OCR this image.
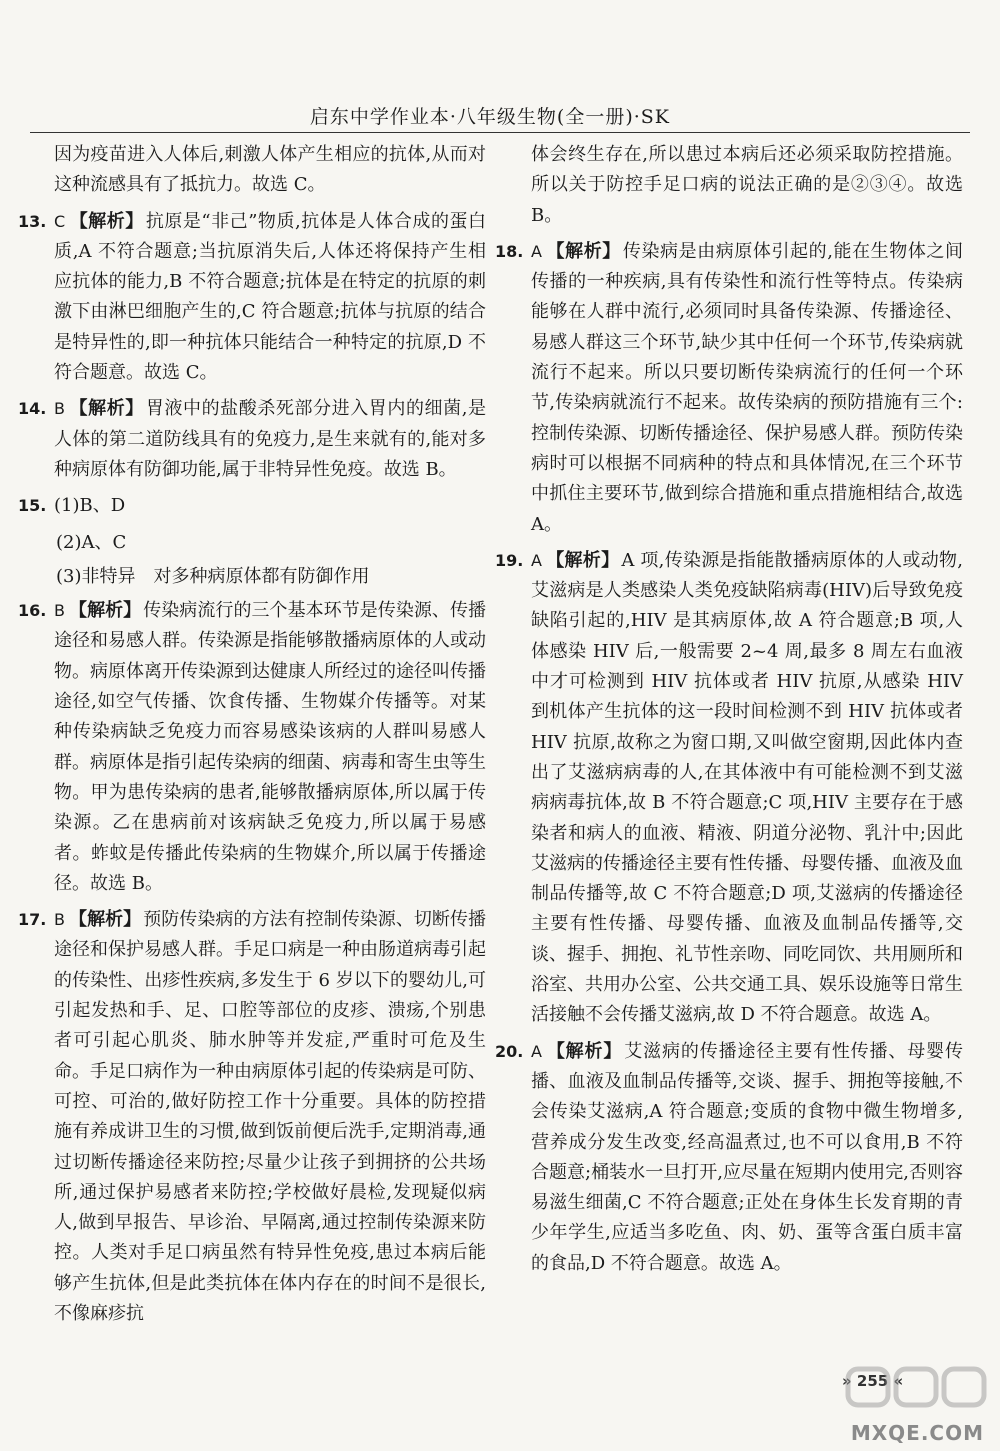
启东中学作业本·八年级生物(全一册)·SK
因为疫苗进入人体后,刺激人体产生相应的抗体,从而对这种流感具有了抵抗力。故选 C。
13. C 【解析】 抗原是“非己”物质,抗体是人体合成的蛋白质,A 不符合题意;当抗原消失后,人体还将保持产生相应抗体的能力,B 不符合题意;抗体是在特定的抗原的刺激下由淋巴细胞产生的,C 符合题意;抗体与抗原的结合是特异性的,即一种抗体只能结合一种特定的抗原,D 不符合题意。故选 C。
14. B 【解析】 胃液中的盐酸杀死部分进入胃内的细菌,是人体的第二道防线具有的免疫力,是生来就有的,能对多种病原体有防御功能,属于非特异性免疫。故选 B。
15. (1)B、D
(2)A、C
(3)非特异　对多种病原体都有防御作用
16. B 【解析】 传染病流行的三个基本环节是传染源、传播途径和易感人群。传染源是指能够散播病原体的人或动物。病原体离开传染源到达健康人所经过的途径叫传播途径,如空气传播、饮食传播、生物媒介传播等。对某种传染病缺乏免疫力而容易感染该病的人群叫易感人群。病原体是指引起传染病的细菌、病毒和寄生虫等生物。甲为患传染病的患者,能够散播病原体,所以属于传染源。乙在患病前对该病缺乏免疫力,所以属于易感者。蚱蚊是传播此传染病的生物媒介,所以属于传播途径。故选 B。
17. B 【解析】 预防传染病的方法有控制传染源、切断传播途径和保护易感人群。手足口病是一种由肠道病毒引起的传染性、出疹性疾病,多发生于 6 岁以下的婴幼儿,可引起发热和手、足、口腔等部位的皮疹、溃疡,个别患者可引起心肌炎、肺水肿等并发症,严重时可危及生命。手足口病作为一种由病原体引起的传染病是可防、可控、可治的,做好防控工作十分重要。具体的防控措施有养成讲卫生的习惯,做到饭前便后洗手,定期消毒,通过切断传播途径来防控;尽量少让孩子到拥挤的公共场所,通过保护易感者来防控;学校做好晨检,发现疑似病人,做到早报告、早诊治、早隔离,通过控制传染源来防控。人类对手足口病虽然有特异性免疫,患过本病后能够产生抗体,但是此类抗体在体内存在的时间不是很长,不像麻疹抗
体会终生存在,所以患过本病后还必须采取防控措施。所以关于防控手足口病的说法正确的是②③④。故选 B。
18. A 【解析】 传染病是由病原体引起的,能在生物体之间传播的一种疾病,具有传染性和流行性等特点。传染病能够在人群中流行,必须同时具备传染源、传播途径、易感人群这三个环节,缺少其中任何一个环节,传染病就流行不起来。所以只要切断传染病流行的任何一个环节,传染病就流行不起来。故传染病的预防措施有三个:控制传染源、切断传播途径、保护易感人群。预防传染病时可以根据不同病种的特点和具体情况,在三个环节中抓住主要环节,做到综合措施和重点措施相结合,故选 A。
19. A 【解析】 A 项,传染源是指能散播病原体的人或动物,艾滋病是人类感染人类免疫缺陷病毒(HIV)后导致免疫缺陷引起的,HIV 是其病原体,故 A 符合题意;B 项,人体感染 HIV 后,一般需要 2~4 周,最多 8 周左右血液中才可检测到 HIV 抗体或者 HIV 抗原,从感染 HIV 到机体产生抗体的这一段时间检测不到 HIV 抗体或者 HIV 抗原,故称之为窗口期,又叫做空窗期,因此体内查出了艾滋病病毒的人,在其体液中有可能检测不到艾滋病病毒抗体,故 B 不符合题意;C 项,HIV 主要存在于感染者和病人的血液、精液、阴道分泌物、乳汁中;因此艾滋病的传播途径主要有性传播、母婴传播、血液及血制品传播等,故 C 不符合题意;D 项,艾滋病的传播途径主要有性传播、母婴传播、血液及血制品传播等,交谈、握手、拥抱、礼节性亲吻、同吃同饮、共用厕所和浴室、共用办公室、公共交通工具、娱乐设施等日常生活接触不会传播艾滋病,故 D 不符合题意。故选 A。
20. A 【解析】 艾滋病的传播途径主要有性传播、母婴传播、血液及血制品传播等,交谈、握手、拥抱等接触,不会传染艾滋病,A 符合题意;变质的食物中微生物增多,营养成分发生改变,经高温煮过,也不可以食用,B 不符合题意;桶装水一旦打开,应尽量在短期内使用完,否则容易滋生细菌,C 不符合题意;正处在身体生长发育期的青少年学生,应适当多吃鱼、肉、奶、蛋等含蛋白质丰富的食品,D 不符合题意。故选 A。
» 255 «
MXQE.COM
